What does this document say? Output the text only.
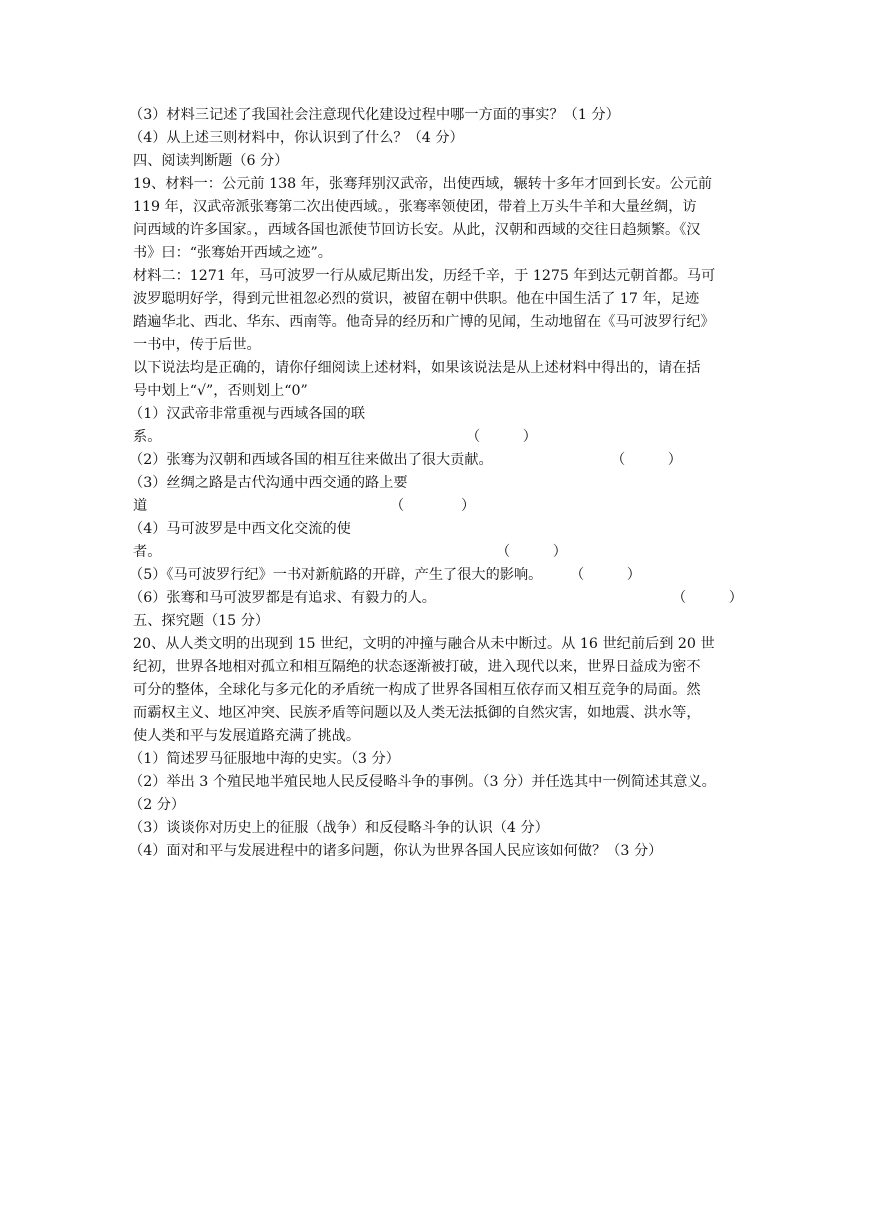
（3）材料三记述了我国社会注意现代化建设过程中哪一方面的事实？（1 分）
（4）从上述三则材料中，你认识到了什么？（4 分）
四、阅读判断题（6 分）
19、材料一：公元前 138 年，张骞拜别汉武帝，出使西域，辗转十多年才回到长安。公元前
119 年，汉武帝派张骞第二次出使西域。，张骞率领使团，带着上万头牛羊和大量丝绸，访
问西域的许多国家。，西域各国也派使节回访长安。从此，汉朝和西域的交往日趋频繁。《汉
书》曰：“张骞始开西域之迹”。
材料二：1271 年，马可波罗一行从威尼斯出发，历经千辛，于 1275 年到达元朝首都。马可
波罗聪明好学，得到元世祖忽必烈的赏识，被留在朝中供职。他在中国生活了 17 年，足迹
踏遍华北、西北、华东、西南等。他奇异的经历和广博的见闻，生动地留在《马可波罗行纪》
一书中，传于后世。
以下说法均是正确的，请你仔细阅读上述材料，如果该说法是从上述材料中得出的，请在括
号中划上“√”，否则划上“0”
（1）汉武帝非常重视与西域各国的联
系。	（　　　）
（2）张骞为汉朝和西域各国的相互往来做出了很大贡献。	（　　　）
（3）丝绸之路是古代沟通中西交通的路上要
道	（　　　　）
（4）马可波罗是中西文化交流的使
者。	（　　　）
（5）《马可波罗行纪》一书对新航路的开辟，产生了很大的影响。 （　　　）
（6）张骞和马可波罗都是有追求、有毅力的人。	（　　　）
五、探究题（15 分）
20、从人类文明的出现到 15 世纪，文明的冲撞与融合从未中断过。从 16 世纪前后到 20 世
纪初，世界各地相对孤立和相互隔绝的状态逐渐被打破，进入现代以来，世界日益成为密不
可分的整体，全球化与多元化的矛盾统一构成了世界各国相互依存而又相互竞争的局面。然
而霸权主义、地区冲突、民族矛盾等问题以及人类无法抵御的自然灾害，如地震、洪水等，
使人类和平与发展道路充满了挑战。
（1）简述罗马征服地中海的史实。（3 分）
（2）举出 3 个殖民地半殖民地人民反侵略斗争的事例。（3 分）并任选其中一例简述其意义。
（2 分）
（3）谈谈你对历史上的征服（战争）和反侵略斗争的认识（4 分）
（4）面对和平与发展进程中的诸多问题，你认为世界各国人民应该如何做？（3 分）
